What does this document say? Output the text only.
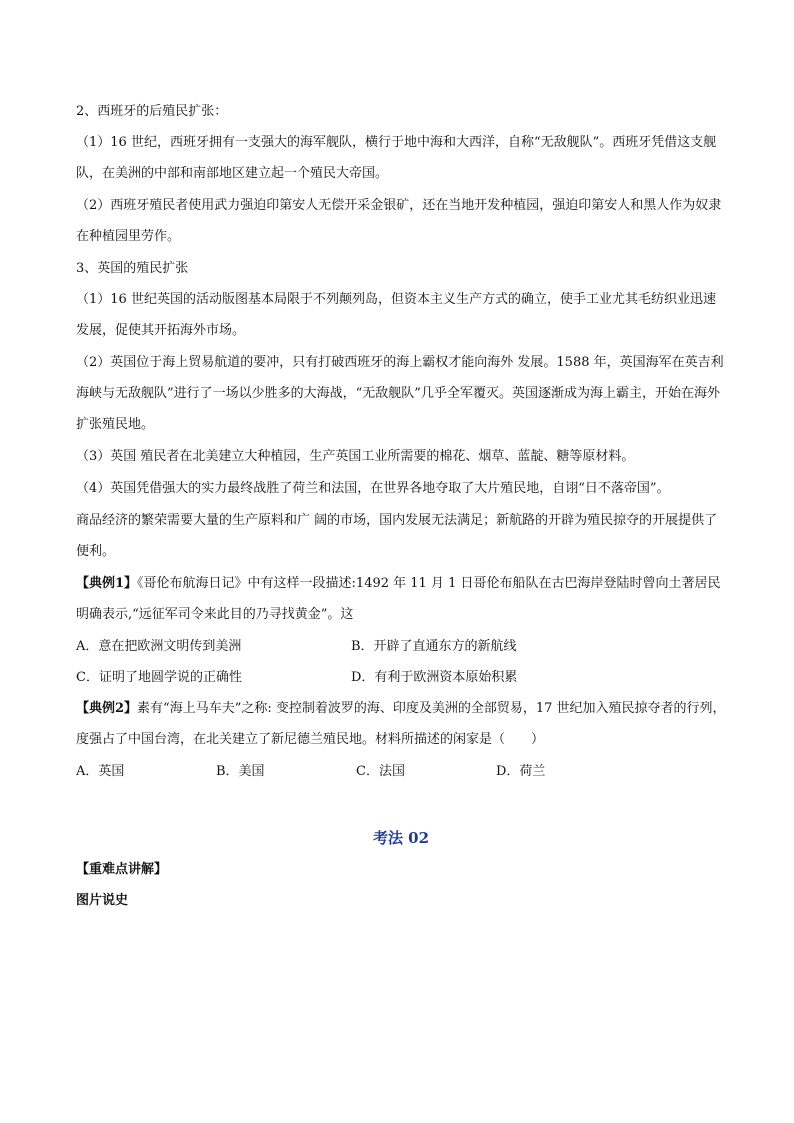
2、西班牙的后殖民扩张：

（1）16 世纪，西班牙拥有一支强大的海军舰队，横行于地中海和大西洋，自称“无敌舰队”。西班牙凭借这支舰队，在美洲的中部和南部地区建立起一个殖民大帝国。

（2）西班牙殖民者使用武力强迫印第安人无偿开采金银矿，还在当地开发种植园，强迫印第安人和黑人作为奴隶在种植园里劳作。

3、英国的殖民扩张

（1）16 世纪英国的活动版图基本局限于不列颠列岛，但资本主义生产方式的确立，使手工业尤其毛纺织业迅速发展，促使其开拓海外市场。

（2）英国位于海上贸易航道的要冲，只有打破西班牙的海上霸权才能向海外 发展。1588 年，英国海军在英吉利海峡与无敌舰队”进行了一场以少胜多的大海战，“无敌舰队”几乎全军覆灭。英国逐渐成为海上霸主，开始在海外扩张殖民地。

（3）英国 殖民者在北美建立大种植园，生产英国工业所需要的棉花、烟草、蓝靛、糖等原材料。

（4）英国凭借强大的实力最终战胜了荷兰和法国，在世界各地夺取了大片殖民地，自诩“日不落帝国”。

商品经济的繁荣需要大量的生产原料和广 阔的市场，国内发展无法满足；新航路的开辟为殖民掠夺的开展提供了便利。

【典例1】《哥伦布航海日记》中有这样一段描述:1492 年 11 月 1 日哥伦布船队在古巴海岸登陆时曾向土著居民明确表示,“远征军司令来此目的乃寻找黄金”。这

A．意在把欧洲文明传到美洲	B．开辟了直通东方的新航线
C．证明了地圆学说的正确性	D．有利于欧洲资本原始积累

【典例2】素有“海上马车夫”之称: 变控制着波罗的海、印度及美洲的全部贸易，17 世纪加入殖民掠夺者的行列，度强占了中国台湾，在北关建立了新尼德兰殖民地。材料所描述的闲家是（　　）

A．英国	B．美国	C．法国	D．荷兰
考法 02
【重难点讲解】
图片说史
